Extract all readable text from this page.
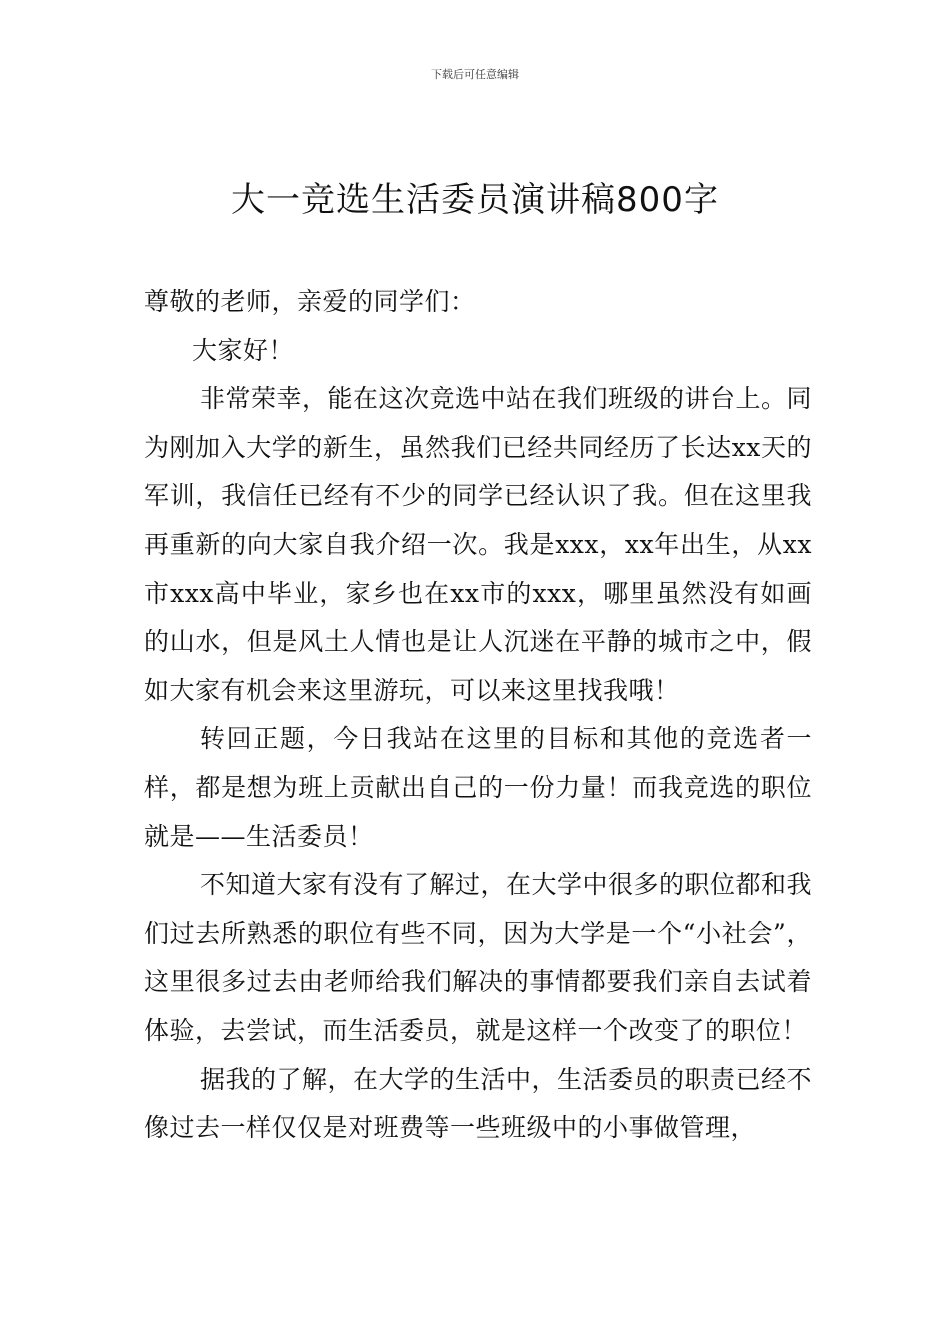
下载后可任意编辑
大一竞选生活委员演讲稿800字

尊敬的老师，亲爱的同学们：

大家好！

非常荣幸，能在这次竞选中站在我们班级的讲台上。同为刚加入大学的新生，虽然我们已经共同经历了长达xx天的军训，我信任已经有不少的同学已经认识了我。但在这里我再重新的向大家自我介绍一次。我是xxx，xx年出生，从xx市xxx高中毕业，家乡也在xx市的xxx，哪里虽然没有如画的山水，但是风土人情也是让人沉迷在平静的城市之中，假如大家有机会来这里游玩，可以来这里找我哦！

转回正题，今日我站在这里的目标和其他的竞选者一样，都是想为班上贡献出自己的一份力量！而我竞选的职位就是——生活委员！

不知道大家有没有了解过，在大学中很多的职位都和我们过去所熟悉的职位有些不同，因为大学是一个“小社会”，这里很多过去由老师给我们解决的事情都要我们亲自去试着体验，去尝试，而生活委员，就是这样一个改变了的职位！

据我的了解，在大学的生活中，生活委员的职责已经不像过去一样仅仅是对班费等一些班级中的小事做管理，
